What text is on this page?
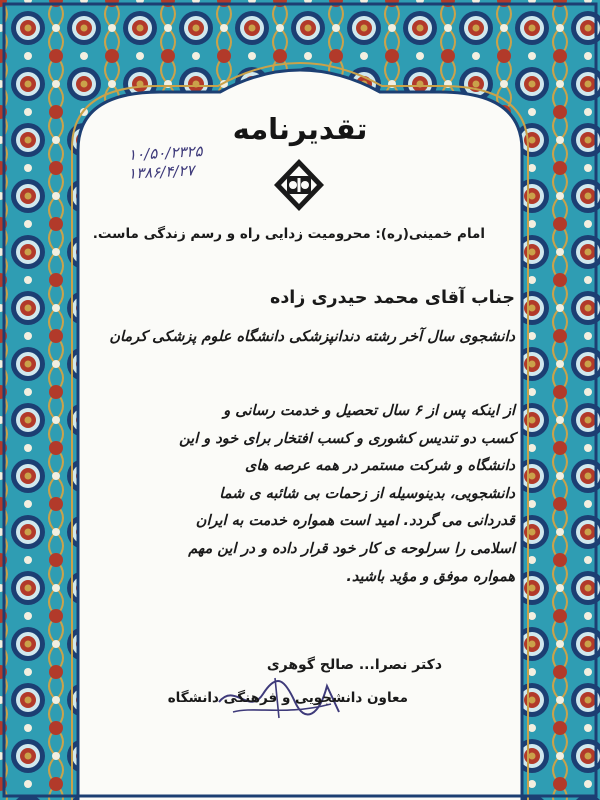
تقدیرنامه
۱۰/۵۰/۲۳۲۵
۱۳۸۶/۴/۲۷
امام خمینی(ره): محرومیت زدایی راه و رسم زندگی ماست.
جناب آقای محمد حیدری زاده
دانشجوی سال آخر رشته دندانپزشکی دانشگاه علوم پزشکی کرمان
از اینکه پس از ۶ سال تحصیل و خدمت رسانی و
کسب دو تندیس کشوری و کسب افتخار برای خود و این
دانشگاه و شرکت مستمر در همه عرصه های
دانشجویی، بدینوسیله از زحمات بی شائبه ی شما
قدردانی می گردد. امید است همواره خدمت به ایران
اسلامی را سرلوحه ی کار خود قرار داده و در این مهم
همواره موفق و مؤید باشید.
دکتر نصرا... صالح گوهری
معاون دانشجویی و فرهنگی دانشگاه
